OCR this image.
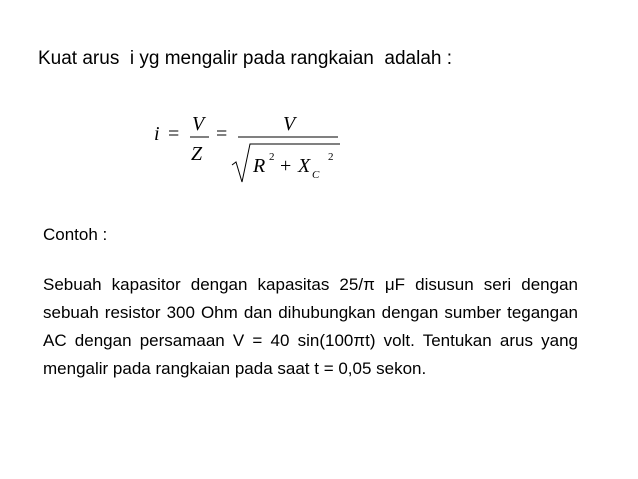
Kuat arus  i yg mengalir pada rangkaian  adalah :
i = V
Z
=	V
R 2 + X C
2
Contoh :
Sebuah kapasitor dengan kapasitas 25/π μF disusun seri dengan sebuah resistor 300 Ohm dan dihubungkan dengan sumber tegangan AC dengan persamaan V = 40 sin(100πt) volt. Tentukan arus yang mengalir pada rangkaian pada saat t = 0,05 sekon.
